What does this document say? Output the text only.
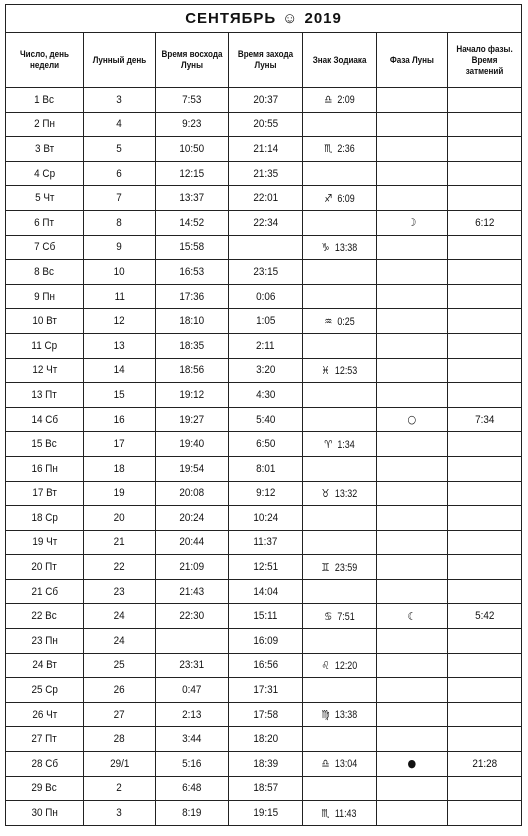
СЕНТЯБРЬ ☺ 2019						
Число, день недели	Лунный день	Время восхода Луны	Время захода Луны	Знак Зодиака	Фаза Луны	Начало фазы. Время затмений
1 Вс	3	7:53	20:37	♎ 2:09		
2 Пн	4	9:23	20:55			
3 Вт	5	10:50	21:14	♏ 2:36		
4 Ср	6	12:15	21:35			
5 Чт	7	13:37	22:01	♐ 6:09		
6 Пт	8	14:52	22:34		☽	6:12
7 Сб	9	15:58		♑ 13:38		
8 Вс	10	16:53	23:15			
9 Пн	11	17:36	0:06			
10 Вт	12	18:10	1:05	♒ 0:25		
11 Ср	13	18:35	2:11			
12 Чт	14	18:56	3:20	♓ 12:53		
13 Пт	15	19:12	4:30			
14 Сб	16	19:27	5:40		○	7:34
15 Вс	17	19:40	6:50	♈ 1:34		
16 Пн	18	19:54	8:01			
17 Вт	19	20:08	9:12	♉ 13:32		
18 Ср	20	20:24	10:24			
19 Чт	21	20:44	11:37			
20 Пт	22	21:09	12:51	♊ 23:59		
21 Сб	23	21:43	14:04			
22 Вс	24	22:30	15:11	♋ 7:51	☾	5:42
23 Пн	24		16:09			
24 Вт	25	23:31	16:56	♌ 12:20		
25 Ср	26	0:47	17:31			
26 Чт	27	2:13	17:58	♍ 13:38		
27 Пт	28	3:44	18:20			
28 Сб	29/1	5:16	18:39	♎ 13:04	●	21:28
29 Вс	2	6:48	18:57			
30 Пн	3	8:19	19:15	♏ 11:43		
